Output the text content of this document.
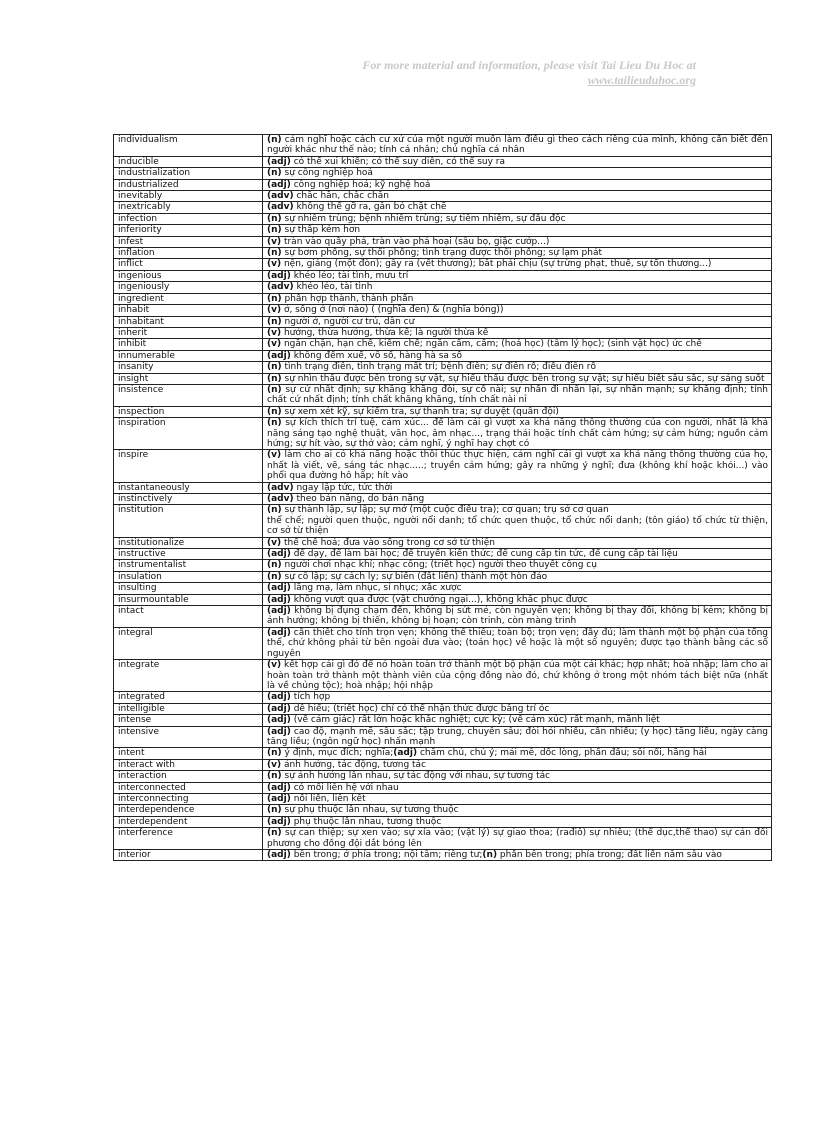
For more material and information, please visit Tai Lieu Du Hoc at
www.tailieuduhoc.org
individualism	(n) cảm nghĩ hoặc cách cư xử của một người muốn làm điều gì theo cách riêng của mình, không cần biết đến người khác như thế nào; tính cá nhân; chủ nghĩa cá nhân
inducible	(adj) có thể xui khiến; có thể suy diễn, có thể suy ra
industrialization	(n) sự công nghiệp hoá
industrialized	(adj) công nghiệp hoá; kỹ nghệ hoá
inevitably	(adv) chắc hẳn, chắc chắn
inextricably	(adv) không thể gỡ ra, gắn bó chặt chẽ
infection	(n) sự nhiễm trùng; bệnh nhiễm trùng; sự tiêm nhiễm, sự đầu độc
inferiority	(n) sự thấp kém hơn
infest	(v) tràn vào quấy phá, tràn vào phá hoại (sâu bọ, giặc cướp...)
inflation	(n) sự bơm phồng, sự thổi phồng; tình trạng được thổi phồng; sự lạm phát
inflict	(v) nện, giáng (một đòn); gây ra (vết thương); bắt phải chịu (sự trừng phạt, thuế, sự tổn thương...)
ingenious	(adj) khéo léo; tài tình, mưu trí
ingeniously	(adv) khéo léo, tài tình
ingredient	(n) phần hợp thành, thành phần
inhabit	(v) ở, sống ở (nơi nào) ( (nghĩa đen) & (nghĩa bóng))
inhabitant	(n) người ở, người cư trú, dân cư
inherit	(v) hưởng, thừa hưởng, thừa kế; là người thừa kế
inhibit	(v) ngăn chặn, hạn chế, kiềm chế; ngăn cấm, cấm; (hoá học) (tâm lý học); (sinh vật học) ức chế
innumerable	(adj) không đếm xuể, vô số, hàng hà sa số
insanity	(n) tình trạng điên, tình trạng mất trí; bệnh điên; sự điên rồ; điều điên rồ
insight	(n) sự nhìn thấu được bên trong sự vật, sự hiểu thấu được bên trong sự vật; sự hiểu biết sâu sắc, sự sáng suốt
insistence	(n) sự cứ nhất định; sự khăng khăng đòi, sự cố nài; sự nhấn đi nhấn lại, sự nhấn mạnh; sự khẳng định; tính chất cứ nhất định; tính chất khăng khăng, tính chất nài nỉ
inspection	(n) sự xem xét kỹ, sự kiểm tra, sự thanh tra; sự duyệt (quân đội)
inspiration	(n) sự kích thích trí tuệ, cảm xúc... để làm cái gì vượt xa khả năng thông thường của con người, nhất là khả năng sáng tạo nghệ thuật, văn học, âm nhạc..., trạng thái hoặc tính chất cảm hứng; sự cảm hứng; nguồn cảm hứng; sự hít vào, sự thở vào; cảm nghĩ, ý nghĩ hay chợt có
inspire	(v) làm cho ai có khả năng hoặc thôi thúc thực hiện, cảm nghĩ cái gì vượt xa khả năng thông thường của họ, nhất là viết, vẽ, sáng tác nhạc.....; truyền cảm hứng; gây ra những ý nghĩ; đưa (không khí hoặc khói...) vào phổi qua đường hô hấp; hít vào
instantaneously	(adv) ngay lập tức, tức thời
instinctively	(adv) theo bản năng, do bản năng
institution	(n) sự thành lập, sự lập; sự mở (một cuộc điều tra); cơ quan; trụ sở cơ quan
thể chế; người quen thuộc, người nổi danh; tổ chức quen thuộc, tổ chức nổi danh; (tôn giáo) tổ chức từ thiện, cơ sở từ thiện
institutionalize	(v) thể chế hoá; đưa vào sống trong cơ sở từ thiện
instructive	(adj) để dạy, để làm bài học; để truyền kiến thức; để cung cấp tin tức, để cung cấp tài liệu
instrumentalist	(n) người chơi nhạc khí; nhạc công; (triết học) người theo thuyết công cụ
insulation	(n) sự cô lập; sự cách ly; sự biến (đất liền) thành một hòn đảo
insulting	(adj) lăng mạ, làm nhục, sỉ nhục; xấc xược
insurmountable	(adj) không vượt qua được (vật chướng ngại...), không khắc phục được
intact	(adj) không bị đụng chạm đến, không bị sứt mẻ, còn nguyên vẹn; không bị thay đổi, không bị kém; không bị ảnh hưởng; không bị thiến, không bị hoạn; còn trinh, còn màng trinh
integral	(adj) cần thiết cho tính trọn vẹn; không thể thiếu; toàn bộ; trọn vẹn; đầy đủ; làm thành một bộ phận của tổng thể, chứ không phải từ bên ngoài đưa vào; (toán học) về hoặc là một số nguyên; được tạo thành bằng các số nguyên
integrate	(v) kết hợp cái gì đó để nó hoàn toàn trở thành một bộ phận của một cái khác; hợp nhất; hoà nhập; làm cho ai hoàn toàn trở thành một thành viên của cộng đồng nào đó, chứ không ở trong một nhóm tách biệt nữa (nhất là về chủng tộc); hoà nhập; hội nhập
integrated	(adj) tích hợp
intelligible	(adj) dễ hiểu; (triết học) chỉ có thể nhận thức được bằng trí óc
intense	(adj) (về cảm giác) rất lớn hoặc khắc nghiệt; cực kỳ; (về cảm xúc) rất mạnh, mãnh liệt
intensive	(adj) cao độ, mạnh mẽ, sâu sắc; tập trung, chuyên sâu; đòi hỏi nhiều, cần nhiều; (y học) tăng liều, ngày càng tăng liều; (ngôn ngữ học) nhấn mạnh
intent	(n) ý định, mục đích; nghĩa;(adj) chăm chú, chú ý; mải mê, dốc lòng, phấn đấu; sôi nổi, hăng hái
interact with	(v) ảnh hưởng, tác động, tương tác
interaction	(n) sự ảnh hưởng lẫn nhau, sự tác động với nhau, sự tương tác
interconnected	(adj) có mối liên hệ với nhau
interconnecting	(adj) nối liền, liên kết
interdependence	(n) sự phụ thuộc lẫn nhau, sự tương thuộc
interdependent	(adj) phụ thuộc lẫn nhau, tương thuộc
interference	(n) sự can thiệp; sự xen vào; sự xía vào; (vật lý) sự giao thoa; (rađiô) sự nhiễu; (thể dục,thể thao) sự cản đối phương cho đồng đội dắt bóng lên
interior	(adj) bên trong; ở phía trong; nội tâm; riêng tư;(n) phần bên trong; phía trong; đất liền nằm sâu vào
